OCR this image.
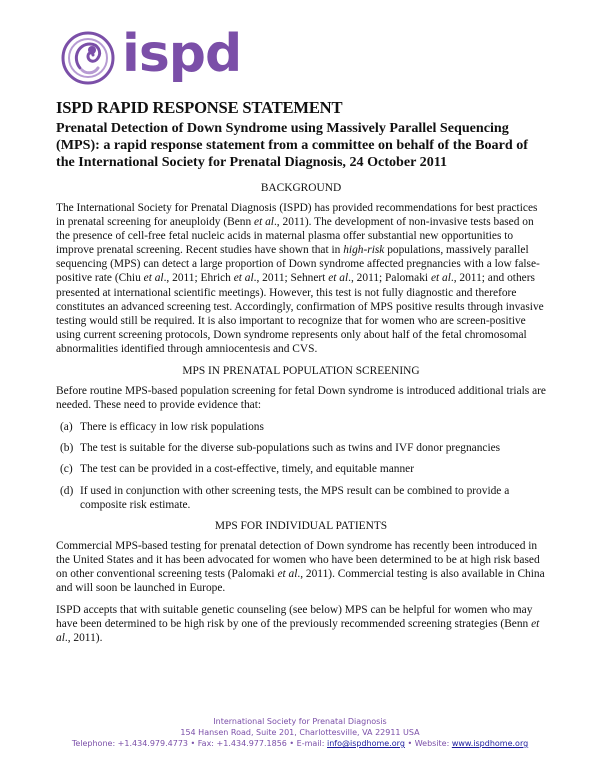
ispd
ISPD RAPID RESPONSE STATEMENT
Prenatal Detection of Down Syndrome using Massively Parallel Sequencing (MPS): a rapid response statement from a committee on behalf of the Board of the International Society for Prenatal Diagnosis, 24 October 2011
BACKGROUND

The International Society for Prenatal Diagnosis (ISPD) has provided recommendations for best practices in prenatal screening for aneuploidy (Benn et al., 2011). The development of non-invasive tests based on the presence of cell-free fetal nucleic acids in maternal plasma offer substantial new opportunities to improve prenatal screening. Recent studies have shown that in high-risk populations, massively parallel sequencing (MPS) can detect a large proportion of Down syndrome affected pregnancies with a low false-positive rate (Chiu et al., 2011; Ehrich et al., 2011; Sehnert et al., 2011; Palomaki et al., 2011; and others presented at international scientific meetings). However, this test is not fully diagnostic and therefore constitutes an advanced screening test. Accordingly, confirmation of MPS positive results through invasive testing would still be required. It is also important to recognize that for women who are screen-positive using current screening protocols, Down syndrome represents only about half of the fetal chromosomal abnormalities identified through amniocentesis and CVS.

MPS IN PRENATAL POPULATION SCREENING

Before routine MPS-based population screening for fetal Down syndrome is introduced additional trials are needed. These need to provide evidence that:

(a) There is efficacy in low risk populations
(b) The test is suitable for the diverse sub-populations such as twins and IVF donor pregnancies
(c) The test can be provided in a cost-effective, timely, and equitable manner
(d) If used in conjunction with other screening tests, the MPS result can be combined to provide a composite risk estimate.
MPS FOR INDIVIDUAL PATIENTS

Commercial MPS-based testing for prenatal detection of Down syndrome has recently been introduced in the United States and it has been advocated for women who have been determined to be at high risk based on other conventional screening tests (Palomaki et al., 2011). Commercial testing is also available in China and will soon be launched in Europe.

ISPD accepts that with suitable genetic counseling (see below) MPS can be helpful for women who may have been determined to be high risk by one of the previously recommended screening strategies (Benn et al., 2011).

International Society for Prenatal Diagnosis
154 Hansen Road, Suite 201, Charlottesville, VA 22911 USA
Telephone: +1.434.979.4773 • Fax: +1.434.977.1856 • E-mail: info@ispdhome.org • Website: www.ispdhome.org
